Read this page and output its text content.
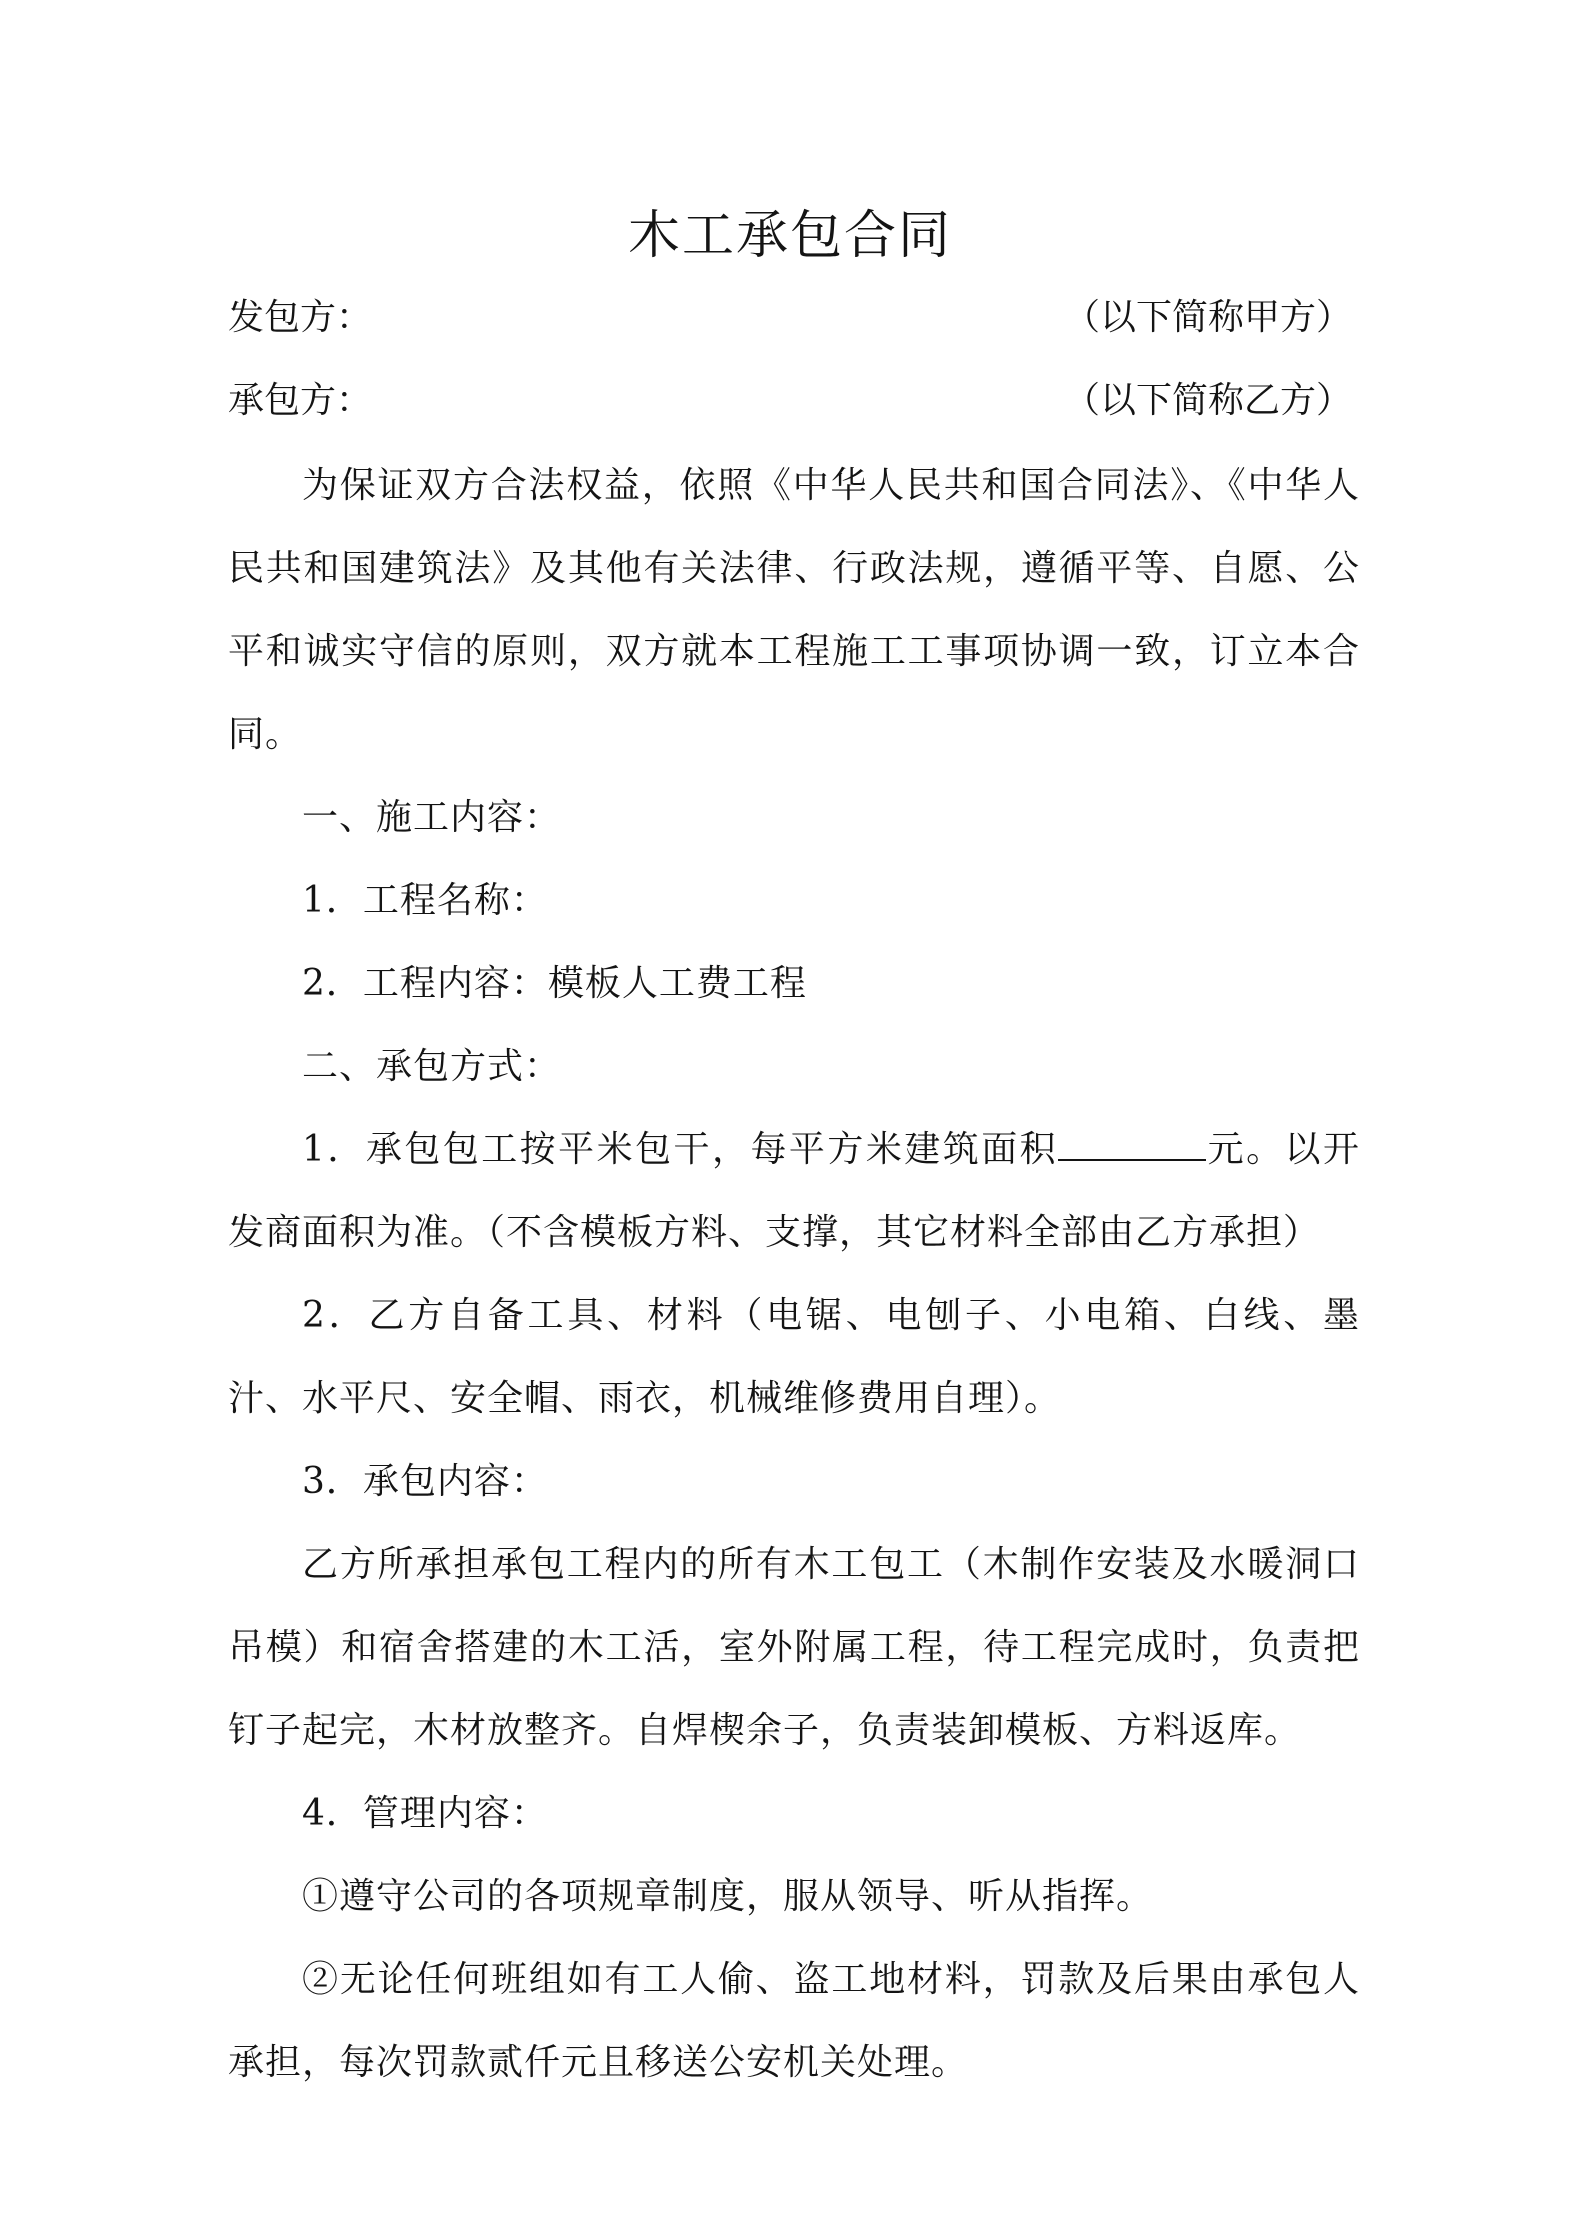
木工承包合同
发包方：	（以下简称甲方）
承包方：	（以下简称乙方）

为保证双方合法权益，依照《中华人民共和国合同法》、《中华人民共和国建筑法》及其他有关法律、行政法规，遵循平等、自愿、公平和诚实守信的原则，双方就本工程施工工事项协调一致，订立本合同。

一、施工内容：

1．工程名称：

2．工程内容：模板人工费工程

二、承包方式：

1．承包包工按平米包干，每平方米建筑面积	元。以开发商面积为准。（不含模板方料、支撑，其它材料全部由乙方承担）

2．乙方自备工具、材料（电锯、电刨子、小电箱、白线、墨汁、水平尺、安全帽、雨衣，机械维修费用自理）。

3．承包内容：

乙方所承担承包工程内的所有木工包工（木制作安装及水暖洞口吊模）和宿舍搭建的木工活，室外附属工程，待工程完成时，负责把钉子起完，木材放整齐。自焊楔余子，负责装卸模板、方料返库。

4．管理内容：

①遵守公司的各项规章制度，服从领导、听从指挥。

②无论任何班组如有工人偷、盗工地材料，罚款及后果由承包人承担，每次罚款贰仟元且移送公安机关处理。
